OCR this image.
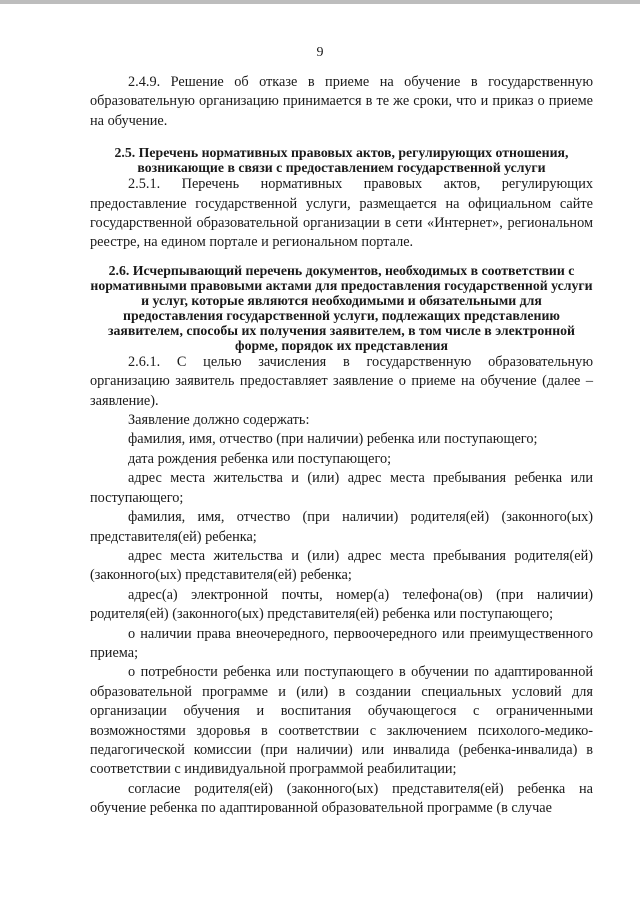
9

2.4.9. Решение об отказе в приеме на обучение в государственную образовательную организацию принимается в те же сроки, что и приказ о приеме на обучение.

2.5. Перечень нормативных правовых актов, регулирующих отношения, возникающие в связи с предоставлением государственной услуги

2.5.1. Перечень нормативных правовых актов, регулирующих предоставление государственной услуги, размещается на официальном сайте государственной образовательной организации в сети «Интернет», региональном реестре, на едином портале и региональном портале.

2.6. Исчерпывающий перечень документов, необходимых в соответствии с нормативными правовыми актами для предоставления государственной услуги и услуг, которые являются необходимыми и обязательными для предоставления государственной услуги, подлежащих представлению заявителем, способы их получения заявителем, в том числе в электронной форме, порядок их представления

2.6.1. С целью зачисления в государственную образовательную организацию заявитель предоставляет заявление о приеме на обучение (далее – заявление).

Заявление должно содержать:

фамилия, имя, отчество (при наличии) ребенка или поступающего;

дата рождения ребенка или поступающего;

адрес места жительства и (или) адрес места пребывания ребенка или поступающего;

фамилия, имя, отчество (при наличии) родителя(ей) (законного(ых) представителя(ей) ребенка;

адрес места жительства и (или) адрес места пребывания родителя(ей) (законного(ых) представителя(ей) ребенка;

адрес(а) электронной почты, номер(а) телефона(ов) (при наличии) родителя(ей) (законного(ых) представителя(ей) ребенка или поступающего;

о наличии права внеочередного, первоочередного или преимущественного приема;

о потребности ребенка или поступающего в обучении по адаптированной образовательной программе и (или) в создании специальных условий для организации обучения и воспитания обучающегося с ограниченными возможностями здоровья в соответствии с заключением психолого-медико-педагогической комиссии (при наличии) или инвалида (ребенка-инвалида) в соответствии с индивидуальной программой реабилитации;

согласие родителя(ей) (законного(ых) представителя(ей) ребенка на обучение ребенка по адаптированной образовательной программе (в случае
